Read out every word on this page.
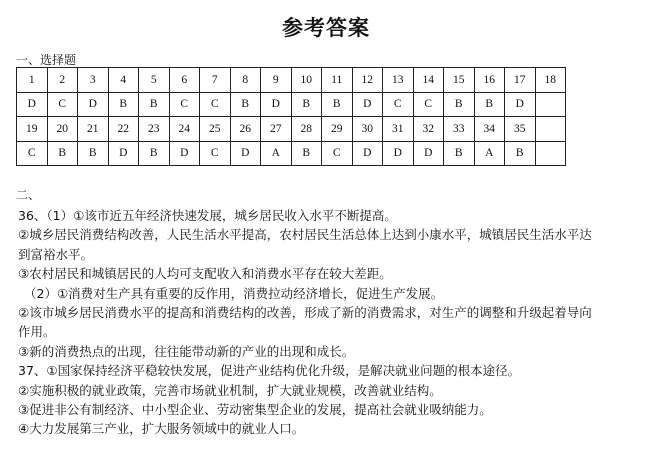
参考答案
一、选择题
1	2	3	4	5	6	7	8	9	10	11	12	13	14	15	16	17	18
D	C	D	B	B	C	C	B	D	B	B	D	C	C	B	B	D	
19	20	21	22	23	24	25	26	27	28	29	30	31	32	33	34	35	
C	B	B	D	B	D	C	D	A	B	C	D	D	D	B	A	B	
二、
36、（1）①该市近五年经济快速发展，城乡居民收入水平不断提高。
②城乡居民消费结构改善，人民生活水平提高，农村居民生活总体上达到小康水平，城镇居民生活水平达
到富裕水平。
③农村居民和城镇居民的人均可支配收入和消费水平存在较大差距。
（2）①消费对生产具有重要的反作用，消费拉动经济增长，促进生产发展。
②该市城乡居民消费水平的提高和消费结构的改善，形成了新的消费需求，对生产的调整和升级起着导向
作用。
③新的消费热点的出现，往往能带动新的产业的出现和成长。
37、①国家保持经济平稳较快发展，促进产业结构优化升级，是解决就业问题的根本途径。
②实施积极的就业政策，完善市场就业机制，扩大就业规模，改善就业结构。
③促进非公有制经济、中小型企业、劳动密集型企业的发展，提高社会就业吸纳能力。
④大力发展第三产业，扩大服务领域中的就业人口。
